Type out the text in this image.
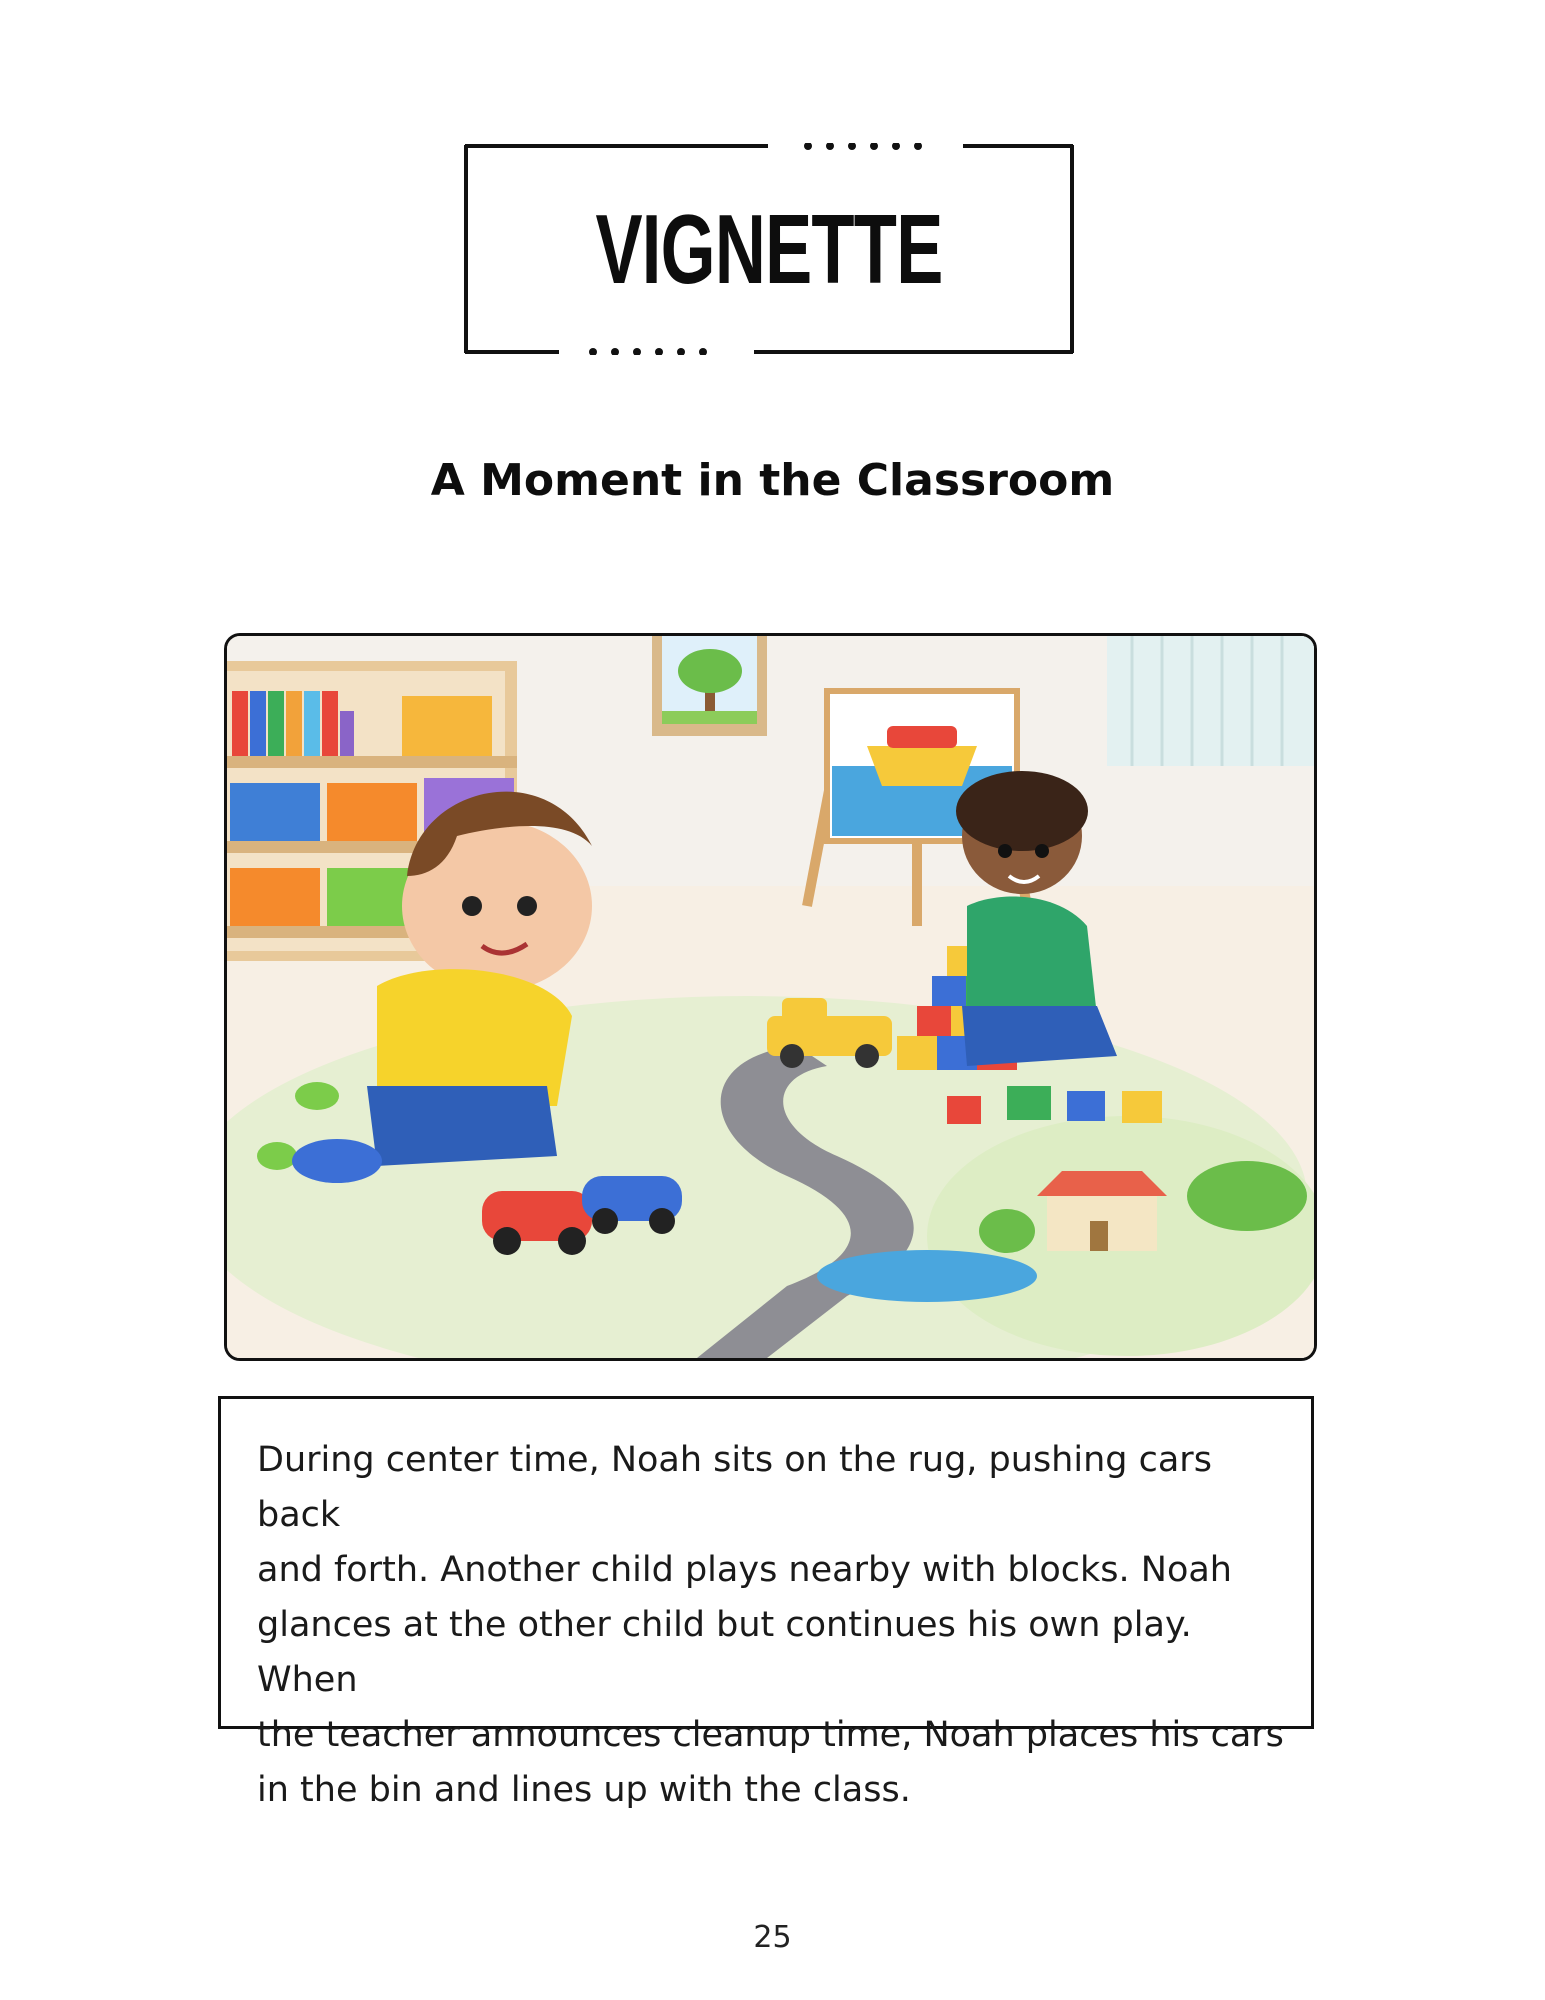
VIGNETTE
A Moment in the Classroom
During center time, Noah sits on the rug, pushing cars back
and forth. Another child plays nearby with blocks. Noah
glances at the other child but continues his own play. When
the teacher announces cleanup time, Noah places his cars
in the bin and lines up with the class.
25
